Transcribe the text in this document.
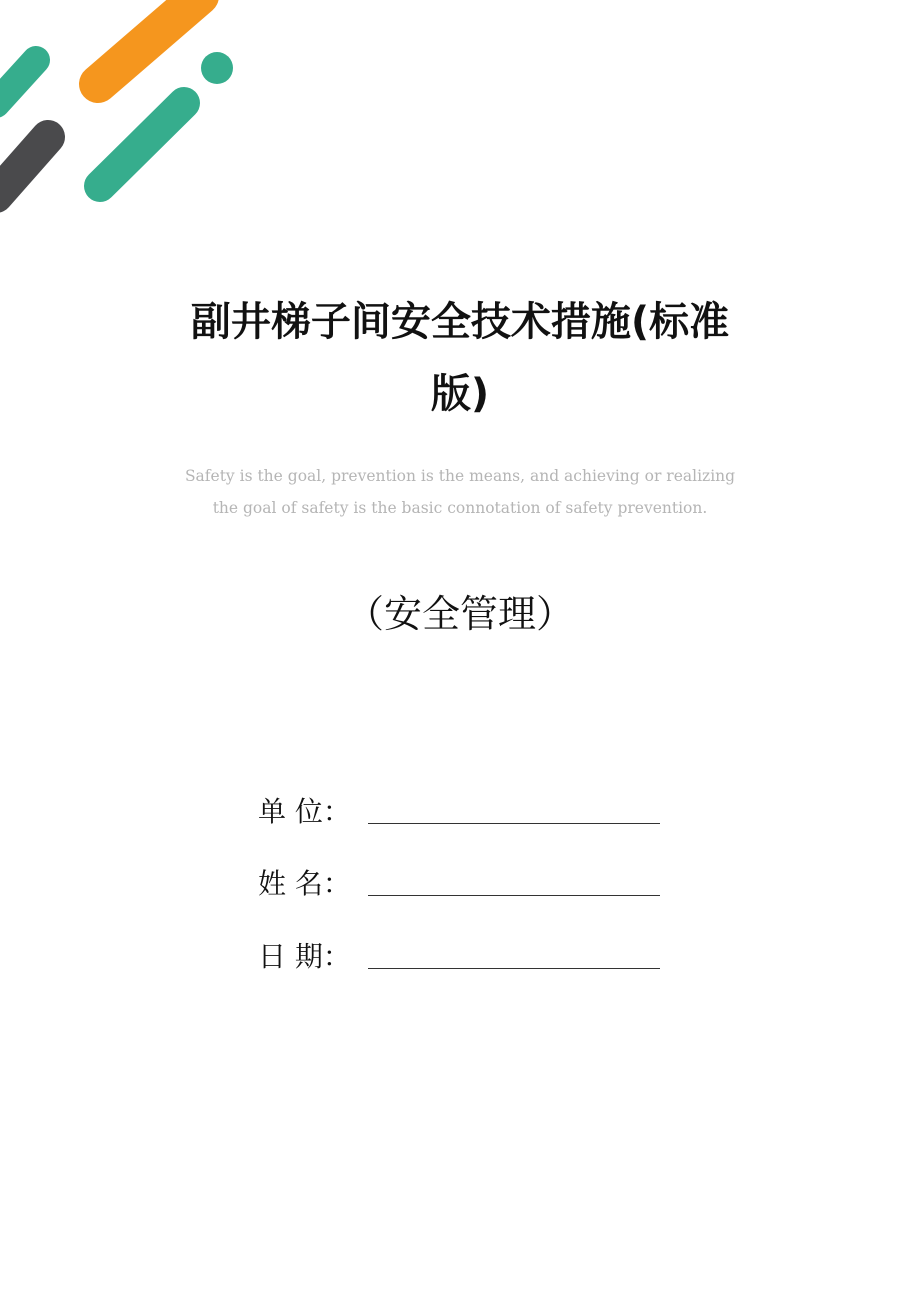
副井梯子间安全技术措施(标准
版)
Safety is the goal, prevention is the means, and achieving or realizing
the goal of safety is the basic connotation of safety prevention.
（安全管理）
单 位：
姓 名：
日 期：
